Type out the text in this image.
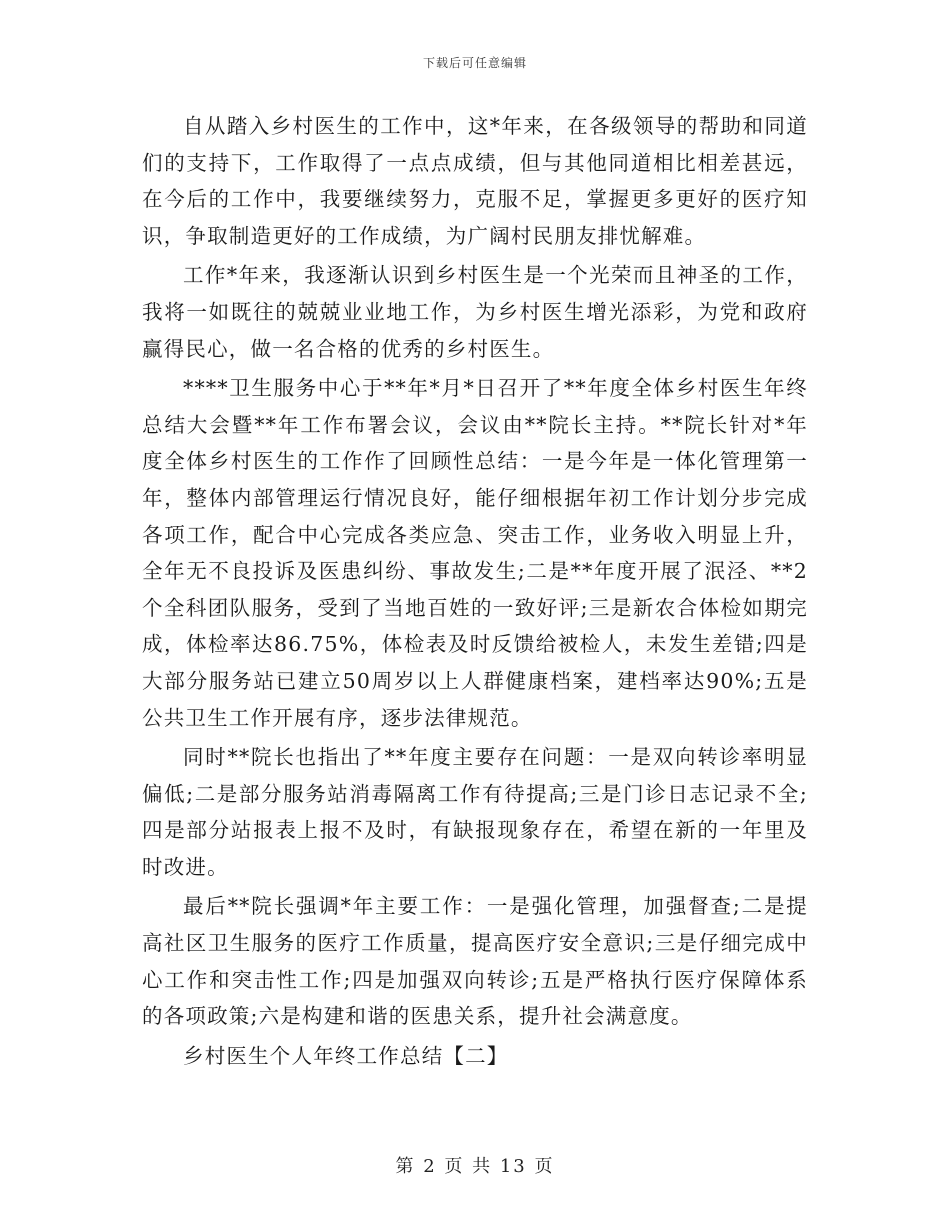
下载后可任意编辑

自从踏入乡村医生的工作中，这*年来，在各级领导的帮助和同道们的支持下，工作取得了一点点成绩，但与其他同道相比相差甚远，在今后的工作中，我要继续努力，克服不足，掌握更多更好的医疗知识，争取制造更好的工作成绩，为广阔村民朋友排忧解难。

工作*年来，我逐渐认识到乡村医生是一个光荣而且神圣的工作，我将一如既往的兢兢业业地工作，为乡村医生增光添彩，为党和政府赢得民心，做一名合格的优秀的乡村医生。

****卫生服务中心于**年*月*日召开了**年度全体乡村医生年终总结大会暨**年工作布署会议，会议由**院长主持。**院长针对*年度全体乡村医生的工作作了回顾性总结：一是今年是一体化管理第一年，整体内部管理运行情况良好，能仔细根据年初工作计划分步完成各项工作，配合中心完成各类应急、突击工作，业务收入明显上升，全年无不良投诉及医患纠纷、事故发生;二是**年度开展了泯泾、**2个全科团队服务，受到了当地百姓的一致好评;三是新农合体检如期完成，体检率达86.75%，体检表及时反馈给被检人，未发生差错;四是大部分服务站已建立50周岁以上人群健康档案，建档率达90%;五是公共卫生工作开展有序，逐步法律规范。

同时**院长也指出了**年度主要存在问题：一是双向转诊率明显偏低;二是部分服务站消毒隔离工作有待提高;三是门诊日志记录不全;四是部分站报表上报不及时，有缺报现象存在，希望在新的一年里及时改进。

最后**院长强调*年主要工作：一是强化管理，加强督查;二是提高社区卫生服务的医疗工作质量，提高医疗安全意识;三是仔细完成中心工作和突击性工作;四是加强双向转诊;五是严格执行医疗保障体系的各项政策;六是构建和谐的医患关系，提升社会满意度。

乡村医生个人年终工作总结【二】

第 2 页 共 13 页
